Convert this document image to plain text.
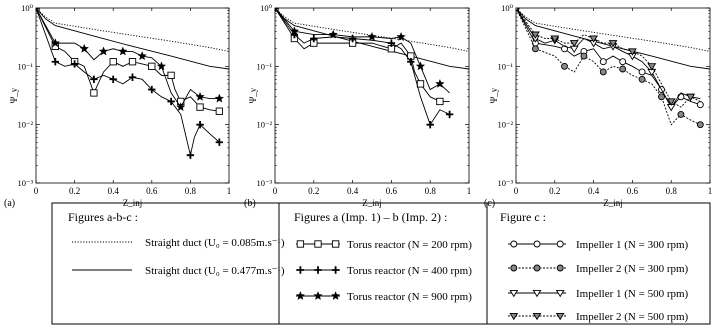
0	0.2	0.4	0.6	0.8	1
10⁻³
10⁻²
10⁻¹
10⁰
Z_inj
Ψ_y
(a)
0	0.2	0.4	0.6	0.8	1
10⁻³
10⁻²
10⁻¹
10⁰
Z_inj
Ψ_y
(b)
0	0.2	0.4	0.6	0.8	1
10⁻³
10⁻²
10⁻¹
10⁰
Z_inj
Ψ_y
(c)
Figures a-b-c :	Figures a (Imp. 1) – b (Imp. 2) :	Figure c :
Straight duct (U₀ = 0.085m.s⁻¹)
Straight duct (U₀ = 0.477m.s⁻¹)
Torus reactor (N = 200 rpm)
Torus reactor (N = 400 rpm)
Torus reactor (N = 900 rpm)
Impeller 1 (N = 300 rpm)
Impeller 2 (N = 300 rpm)
Impeller 1 (N = 500 rpm)
Impeller 2 (N = 500 rpm)
